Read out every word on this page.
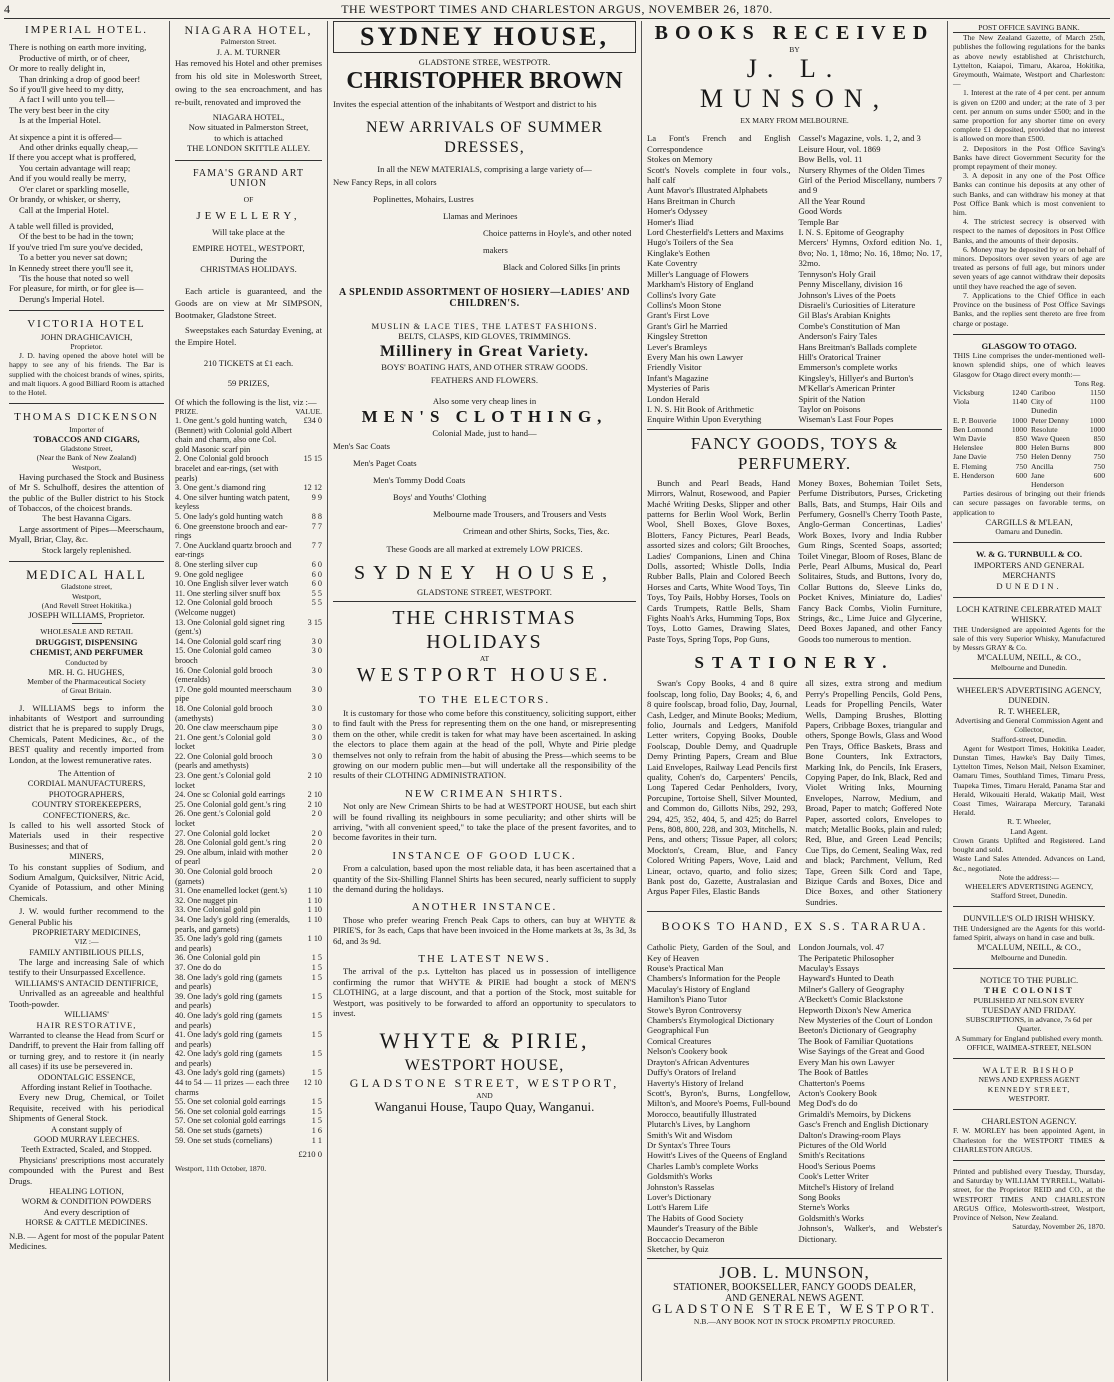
4	THE WESTPORT TIMES AND CHARLESTON ARGUS, NOVEMBER 26, 1870.

IMPERIAL HOTEL.

There is nothing on earth more inviting,

Productive of mirth, or of cheer,

Or more to really delight in,

Than drinking a drop of good beer!

So if you'll give heed to my ditty,

A fact I will unto you tell—

The very best beer in the city

Is at the Imperial Hotel.

At sixpence a pint it is offered—

And other drinks equally cheap,—

If there you accept what is proffered,

You certain advantage will reap;

And if you would really be merry,

O'er claret or sparkling moselle,

Or brandy, or whisker, or sherry,

Call at the Imperial Hotel.

A table well filled is provided,

Of the best to be had in the town;

If you've tried I'm sure you've decided,

To a better you never sat down;

In Kennedy street there you'll see it,

'Tis the house that noted so well

For pleasure, for mirth, or for glee is—

Derung's Imperial Hotel.

VICTORIA HOTEL

JOHN DRAGHICAVICH,

Proprietor.

J. D. having opened the above hotel will be happy to see any of his friends. The Bar is supplied with the choicest brands of wines, spirits, and malt liquors. A good Billiard Room is attached to the Hotel.

THOMAS DICKENSON

Importer of

TOBACCOS AND CIGARS,

Gladstone Street,

(Near the Bank of New Zealand)

Westport,

Having purchased the Stock and Business of Mr S. Schulhoff, desires the attention of the public of the Buller district to his Stock of Tobaccos, of the choicest brands.

The best Havanna Cigars.

Large assortment of Pipes—Meerschaum, Myall, Briar, Clay, &c.

Stock largely replenished.

MEDICAL HALL

Gladstone street,

Westport,

(And Revell Street Hokitika.)

JOSEPH WILLIAMS, Proprietor.

WHOLESALE AND RETAIL

DRUGGIST, DISPENSING

CHEMIST, AND PERFUMER

Conducted by

MR. H. G. HUGHES,

Member of the Pharmaceutical Society

of Great Britain.

J. WILLIAMS begs to inform the inhabitants of Westport and surrounding district that he is prepared to supply Drugs, Chemicals, Patent Medicines, &c., of the BEST quality and recently imported from London, at the lowest remunerative rates.

The Attention of

CORDIAL MANUFACTURERS,

PHOTOGRAPHERS,

COUNTRY STOREKEEPERS,

CONFECTIONERS, &c.

Is called to his well assorted Stock of Materials used in their respective Businesses; and that of

MINERS,

To his constant supplies of Sodium, and Sodium Amalgum, Quicksilver, Nitric Acid, Cyanide of Potassium, and other Mining Chemicals.

J. W. would further recommend to the General Public his

PROPRIETARY MEDICINES,

VIZ :—

FAMILY ANTIBILIOUS PILLS,

The large and increasing Sale of which testify to their Unsurpassed Excellence.

WILLIAMS'S ANTACID DENTIFRICE,

Unrivalled as an agreeable and healthful Tooth-powder.

WILLIAMS'

HAIR RESTORATIVE,

Warranted to cleanse the Head from Scurf or Dandriff, to prevent the Hair from falling off or turning grey, and to restore it (in nearly all cases) if its use be persevered in.

ODONTALGIC ESSENCE,

Affording instant Relief in Toothache.

Every new Drug, Chemical, or Toilet Requisite, received with his periodical Shipments of General Stock.

A constant supply of

GOOD MURRAY LEECHES.

Teeth Extracted, Scaled, and Stopped.

Physicians' prescriptions most accurately compounded with the Purest and Best Drugs.

HEALING LOTION,

WORM & CONDITION POWDERS

And every description of

HORSE & CATTLE MEDICINES.

N.B. — Agent for most of the popular Patent Medicines.

NIAGARA HOTEL,

Palmerston Street.

J. A. M. TURNER

Has removed his Hotel and other premises from his old site in Molesworth Street, owing to the sea encroachment, and has re-built, renovated and improved the

NIAGARA HOTEL,

Now situated in Palmerston Street,

to which is attached

THE LONDON SKITTLE ALLEY.

FAMA'S GRAND ART UNION

OF

JEWELLERY,

Will take place at the

EMPIRE HOTEL, WESTPORT,

During the

CHRISTMAS HOLIDAYS.

Each article is guaranteed, and the Goods are on view at Mr SIMPSON, Bootmaker, Gladstone Street.

Sweepstakes each Saturday Evening, at the Empire Hotel.

210 TICKETS at £1 each.

59 PRIZES,

Of which the following is the list, viz :—

PRIZE.	VALUE.
1. One gent.'s gold hunting watch, (Bennett) with Colonial gold Albert chain and charm, also one Col. gold Masonic scarf pin
£34 0
2. One Colonial gold brooch bracelet and ear-rings, (set with pearls)
15 15
3. One gent.'s diamond ring	12 12
4. One silver hunting watch patent, keyless
9 9
5. One lady's gold hunting watch	8 8
6. One greenstone brooch and ear-rings
7 7
7. One Auckland quartz brooch and ear-rings
7 7
8. One sterling silver cup	6 0
9. One gold negligee	6 0
10. One English silver lever watch	6 0
11. One sterling silver snuff box	5 5
12. One Colonial gold brooch (Welcome nugget)
5 5
13. One Colonial gold signet ring (gent.'s)
3 15
14. One Colonial gold scarf ring	3 0
15. One Colonial gold cameo brooch
3 0
16. One Colonial gold brooch (emeralds)
3 0
17. One gold mounted meerschaum pipe
3 0
18. One Colonial gold brooch (amethysts)
3 0
20. One claw meerschaum pipe	3 0
21. One gent.'s Colonial gold locket
3 0
22. One Colonial gold brooch (pearls and amethysts)
3 0
23. One gent.'s Colonial gold locket
2 10
24. One sc Colonial gold earrings	2 10
25. One Colonial gold gent.'s ring	2 10
26. One gent.'s Colonial gold locket
2 0
27. One Colonial gold locket	2 0
28. One Colonial gold gent.'s ring	2 0
29. One album, inlaid with mother of pearl
2 0
30. One Colonial gold brooch (garnets)
2 0
31. One enamelled locket (gent.'s)	1 10
32. One nugget pin	1 10
33. One Colonial gold pin	1 10
34. One lady's gold ring (emeralds, pearls, and garnets)
1 10
35. One lady's gold ring (garnets and pearls)
1 10
36. One Colonial gold pin	1 5
37. One do do	1 5
38. One lady's gold ring (garnets and pearls)
1 5
39. One lady's gold ring (garnets and pearls)
1 5
40. One lady's gold ring (garnets and pearls)
1 5
41. One lady's gold ring (garnets and pearls)
1 5
42. One lady's gold ring (garnets and pearls)
1 5
43. One lady's gold ring (garnets)	1 5
44 to 54 — 11 prizes — each three charms
12 10
55. One set colonial gold earrings	1 5
56. One set colonial gold earrings	1 5
57. One set colonial gold earrings	1 5
58. One set studs (garnets)	1 6
59. One set studs (cornelians)	1 1
£210 0

Westport, 11th October, 1870.

SYDNEY HOUSE,

GLADSTONE STREE, WESTPOTR.

CHRISTOPHER BROWN

Invites the especial attention of the inhabitants of Westport and district to his

NEW ARRIVALS OF SUMMER DRESSES,

In all the NEW MATERIALS, comprising a large variety of—

New Fancy Reps, in all colors

Poplinettes, Mohairs, Lustres

Llamas and Merinoes

Choice patterns in Hoyle's, and other noted makers

Black and Colored Silks [in prints

A SPLENDID ASSORTMENT OF HOSIERY—LADIES' AND CHILDREN'S.

MUSLIN & LACE TIES, THE LATEST FASHIONS.

BELTS, CLASPS, KID GLOVES, TRIMMINGS.

Millinery in Great Variety.

BOYS' BOATING HATS, AND OTHER STRAW GOODS.

FEATHERS AND FLOWERS.

Also some very cheap lines in

MEN'S CLOTHING,

Colonial Made, just to hand—

Men's Sac Coats

Men's Paget Coats

Men's Tommy Dodd Coats

Boys' and Youths' Clothing

Melbourne made Trousers, and Trousers and Vests

Crimean and other Shirts, Socks, Ties, &c.

These Goods are all marked at extremely LOW PRICES.

SYDNEY HOUSE,

GLADSTONE STREET, WESTPORT.

THE CHRISTMAS HOLIDAYS

AT

WESTPORT HOUSE.

TO THE ELECTORS.

It is customary for those who come before this constituency, soliciting support, either to find fault with the Press for representing them on the one hand, or misrepresenting them on the other, while credit is taken for what may have been ascertained. In asking the electors to place them again at the head of the poll, Whyte and Pirie pledge themselves not only to refrain from the habit of abusing the Press—which seems to be growing on our modern public men—but will undertake all the responsibility of the results of their CLOTHING ADMINISTRATION.

NEW CRIMEAN SHIRTS.

Not only are New Crimean Shirts to be had at WESTPORT HOUSE, but each shirt will be found rivalling its neighbours in some peculiarity; and other shirts will be arriving, "with all convenient speed," to take the place of the present favorites, and to become favorites in their turn.

INSTANCE OF GOOD LUCK.

From a calculation, based upon the most reliable data, it has been ascertained that a quantity of the Six-Shilling Flannel Shirts has been secured, nearly sufficient to supply the demand during the holidays.

ANOTHER INSTANCE.

Those who prefer wearing French Peak Caps to others, can buy at WHYTE & PIRIE'S, for 3s each, Caps that have been invoiced in the Home markets at 3s, 3s 3d, 3s 6d, and 3s 9d.

THE LATEST NEWS.

The arrival of the p.s. Lyttelton has placed us in possession of intelligence confirming the rumor that WHYTE & PIRIE had bought a stock of MEN'S CLOTHING, at a large discount, and that a portion of the Stock, most suitable for Westport, was positively to be forwarded to afford an opportunity to speculators to invest.

WHYTE & PIRIE,

WESTPORT HOUSE,

GLADSTONE STREET, WESTPORT,

AND

Wanganui House, Taupo Quay, Wanganui.

BOOKS RECEIVED

BY

J. L. MUNSON,

EX MARY FROM MELBOURNE.

La Font's French and English Correspondence

Stokes on Memory

Scott's Novels complete in four vols., half calf

Aunt Mavor's Illustrated Alphabets

Hans Breitman in Church

Homer's Odyssey

Homer's Iliad

Lord Chesterfield's Letters and Maxims

Hugo's Toilers of the Sea

Kinglake's Eothen

Kate Coventry

Miller's Language of Flowers

Markham's History of England

Collins's Ivory Gate

Collins's Moon Stone

Grant's First Love

Grant's Girl he Married

Kingsley Stretton

Lever's Bramleys

Every Man his own Lawyer

Friendly Visitor

Infant's Magazine

Mysteries of Paris

London Herald

I. N. S. Hit Book of Arithmetic

Enquire Within Upon Everything

Cassel's Magazine, vols. 1, 2, and 3

Leisure Hour, vol. 1869

Bow Bells, vol. 11

Nursery Rhymes of the Olden Times

Girl of the Period Miscellany, numbers 7 and 9

All the Year Round

Good Words

Temple Bar

I. N. S. Epitome of Geography

Mercers' Hymns, Oxford edition No. 1, 8vo; No. 1, 18mo; No. 16, 18mo; No. 17, 32mo.

Tennyson's Holy Grail

Penny Miscellany, division 16

Johnson's Lives of the Poets

Disraeli's Curiosities of Literature

Gil Blas's Arabian Knights

Combe's Constitution of Man

Anderson's Fairy Tales

Hans Breitman's Ballads complete

Hill's Oratorical Trainer

Emmerson's complete works

Kingsley's, Hillyer's and Burton's

M'Kellar's American Printer

Spirit of the Nation

Taylor on Poisons

Wiseman's Last Four Popes

FANCY GOODS, TOYS & PERFUMERY.

Bunch and Pearl Beads, Hand Mirrors, Walnut, Rosewood, and Papier Maché Writing Desks, Slipper and other patterns for Berlin Wool Work, Berlin Wool, Shell Boxes, Glove Boxes, Blotters, Fancy Pictures, Pearl Beads, assorted sizes and colors; Gilt Brooches, Ladies' Companions, Linen and China Dolls, assorted; Whistle Dolls, India Rubber Balls, Plain and Colored Beech Horses and Carts, White Wood Toys, Tin Toys, Toy Pails, Hobby Horses, Tools on Cards Trumpets, Rattle Bells, Sham Fights Noah's Arks, Humming Tops, Box Toys, Lotto Games, Drawing Slates, Paste Toys, Spring Tops, Pop Guns,

Money Boxes, Bohemian Toilet Sets, Perfume Distributors, Purses, Cricketing Balls, Bats, and Stumps, Hair Oils and Perfumery, Gosnell's Cherry Tooth Paste, Anglo-German Concertinas, Ladies' Work Boxes, Ivory and India Rubber Gum Rings, Scented Soaps, assorted; Toilet Vinegar, Bloom of Roses, Blanc de Perle, Pearl Albums, Musical do, Pearl Solitaires, Studs, and Buttons, Ivory do, Collar Buttons do, Sleeve Links do, Pocket Knives, Miniature do, Ladies' Fancy Back Combs, Violin Furniture, Strings, &c., Lime Juice and Glycerine, Deed Boxes Japaned, and other Fancy Goods too numerous to mention.

STATIONERY.

Swan's Copy Books, 4 and 8 quire foolscap, long folio, Day Books; 4, 6, and 8 quire foolscap, broad folio, Day, Journal, Cash, Ledger, and Minute Books; Medium, folio, Journals and Ledgers, Manifold Letter writers, Copying Books, Double Foolscap, Double Demy, and Quadruple Demy Printing Papers, Cream and Blue Laid Envelopes, Railway Lead Pencils first quality, Cohen's do, Carpenters' Pencils, Long Tapered Cedar Penholders, Ivory, Porcupine, Tortoise Shell, Silver Mounted, and Common do, Gillotts Nibs, 292, 293, 294, 425, 352, 404, 5, and 425; do Barrel Pens, 808, 800, 228, and 303, Mitchells, N. Pens, and others; Tissue Paper, all colors; Mockton's, Cream, Blue, and Fancy Colored Writing Papers, Wove, Laid and Linear, octavo, quarto, and folio sizes; Bank post do, Gazette, Australasian and Argus Paper Files, Elastic Bands

all sizes, extra strong and medium Perry's Propelling Pencils, Gold Pens, Leads for Propelling Pencils, Water Wells, Damping Brushes, Blotting Papers, Cribbage Boxes, triangular and others, Sponge Bowls, Glass and Wood Pen Trays, Office Baskets, Brass and Bone Counters, Ink Extractors, Marking Ink, do Pencils, Ink Erasers, Copying Paper, do Ink, Black, Red and Violet Writing Inks, Mourning Envelopes, Narrow, Medium, and Broad, Paper to match; Goffered Note Paper, assorted colors, Envelopes to match; Metallic Books, plain and ruled; Red, Blue, and Green Lead Pencils; Cue Tips, do Cement, Sealing Wax, red and black; Parchment, Vellum, Red Tape, Green Silk Cord and Tape, Bizique Cards and Boxes, Dice and Dice Boxes, and other Stationery Sundries.

BOOKS TO HAND, EX S.S. TARARUA.

Catholic Piety, Garden of the Soul, and Key of Heaven

Rouse's Practical Man

Chambers's Information for the People

Maculay's History of England

Hamilton's Piano Tutor

Stowe's Byron Controversy

Chambers's Etymological Dictionary

Geographical Fun

Comical Creatures

Nelson's Cookery book

Drayton's African Adventures

Duffy's Orators of Ireland

Haverty's History of Ireland

Scott's, Byron's, Burns, Longfellow, Milton's, and Moore's Poems, Full-bound Morocco, beautifully Illustrated

Plutarch's Lives, by Langhorn

Smith's Wit and Wisdom

Dr Syntax's Three Tours

Howitt's Lives of the Queens of England

Charles Lamb's complete Works

Goldsmith's Works

Johnston's Rasselas

Lover's Dictionary

Lott's Harem Life

The Habits of Good Society

Maunder's Treasury of the Bible

Boccaccio Decameron

Sketcher, by Quiz

London Journals, vol. 47

The Peripatetic Philosopher

Maculay's Essays

Hayward's Hunted to Death

Milner's Gallery of Geography

A'Beckett's Comic Blackstone

Hepworth Dixon's New America

New Mysteries of the Court of London

Beeton's Dictionary of Geography

The Book of Familiar Quotations

Wise Sayings of the Great and Good

Every Man his own Lawyer

The Book of Battles

Chatterton's Poems

Acton's Cookery Book

Meg Dod's do do

Grimaldi's Memoirs, by Dickens

Gasc's French and English Dictionary

Dalton's Drawing-room Plays

Pictures of the Old World

Smith's Recitations

Hood's Serious Poems

Cook's Letter Writer

Mitchel's History of Ireland

Song Books

Sterne's Works

Goldsmith's Works

Johnson's, Walker's, and Webster's Dictionary.

JOB. L. MUNSON,

STATIONER, BOOKSELLER, FANCY GOODS DEALER,

AND GENERAL NEWS AGENT.

GLADSTONE STREET, WESTPORT.

N.B.—ANY BOOK NOT IN STOCK PROMPTLY PROCURED.

POST OFFICE SAVING BANK.

The New Zealand Gazette, of March 25th, publishes the following regulations for the banks as above newly established at Christchurch, Lyttelton, Kaiapoi, Timaru, Akaroa, Hokitika, Greymouth, Waimate, Westport and Charleston:—

1. Interest at the rate of 4 per cent. per annum is given on £200 and under; at the rate of 3 per cent. per annum on sums under £500; and in the same proportion for any shorter time on every complete £1 deposited, provided that no interest is allowed on more than £500.

2. Depositors in the Post Office Saving's Banks have direct Government Security for the prompt repayment of their money.

3. A deposit in any one of the Post Office Banks can continue his deposits at any other of such Banks, and can withdraw his money at that Post Office Bank which is most convenient to him.

4. The strictest secrecy is observed with respect to the names of depositors in Post Office Banks, and the amounts of their deposits.

6. Money may be deposited by or on behalf of minors. Depositors over seven years of age are treated as persons of full age, but minors under seven years of age cannot withdraw their deposits until they have reached the age of seven.

7. Applications to the Chief Office in each Province on the business of Post Office Savings Banks, and the replies sent thereto are free from charge or postage.

GLASGOW TO OTAGO.

THIS Line comprises the under-mentioned well-known splendid ships, one of which leaves Glasgow for Otago direct every month:—

Tons Reg.

Vicksburg	1240 Cariboo	1150
Viola	1140 City of Dunedin
1100
E. P. Bouverie	1000 Peter Denny	1000
Ben Lomond	1000 Resolute	1000
Wm Davie	850 Wave Queen	850
Helenslee	800 Helen Burns	800
Jane Davie	750 Helen Denny	750
E. Fleming	750 Ancilla	750
E. Henderson	600 Jane Henderson
600

Parties desirous of bringing out their friends can secure passages on favorable terms, on application to

CARGILLS & M'LEAN,

Oamaru and Dunedin.

W. & G. TURNBULL & CO.

IMPORTERS AND GENERAL

MERCHANTS

DUNEDIN.

LOCH KATRINE CELEBRATED MALT WHISKY.

THE Undersigned are appointed Agents for the sale of this very Superior Whisky, Manufactured by Messrs GRAY & Co.

M'CALLUM, NEILL, & CO.,

Melbourne and Dunedin.

WHEELER'S ADVERTISING AGENCY, DUNEDIN.

R. T. WHEELER,

Advertising and General Commission Agent and Collector,

Stafford-street, Dunedin.

Agent for Westport Times, Hokitika Leader, Dunstan Times, Hawke's Bay Daily Times, Lyttelton Times, Nelson Mail, Nelson Examiner, Oamaru Times, Southland Times, Timaru Press, Tuapeka Times, Timaru Herald, Panama Star and Herald, Wikouaiti Herald, Wakatip Mail, West Coast Times, Wairarapa Mercury, Taranaki Herald.

R. T. Wheeler,

Land Agent.

Crown Grants Uplifted and Registered. Land bought and sold.

Waste Land Sales Attended. Advances on Land, &c., negotiated.

Note the address:—

WHEELER'S ADVERTISING AGENCY,

Stafford Street, Dunedin.

DUNVILLE'S OLD IRISH WHISKY.

THE Undersigned are the Agents for this world-famed Spirit, always on hand in case and bulk.

M'CALLUM, NEILL, & CO.,

Melbourne and Dunedin.

NOTICE TO THE PUBLIC.

THE COLONIST

PUBLISHED AT NELSON EVERY

TUESDAY AND FRIDAY.

SUBSCRIPTIONS, in advance, 7s 6d per Quarter.

A Summary for England published every month.

OFFICE, WAIMEA-STREET, NELSON

WALTER BISHOP

NEWS AND EXPRESS AGENT

KENNEDY STREET,

WESTPORT.

CHARLESTON AGENCY.

F. W. MORLEY has been appointed Agent, in Charleston for the WESTPORT TIMES & CHARLESTON ARGUS.

Printed and published every Tuesday, Thursday, and Saturday by WILLIAM TYRRELL, Wallabi-street, for the Proprietor REID and CO., at the WESTPORT TIMES AND CHARLESTON ARGUS Office, Molesworth-street, Westport, Province of Nelson, New Zealand.

Saturday, November 26, 1870.
